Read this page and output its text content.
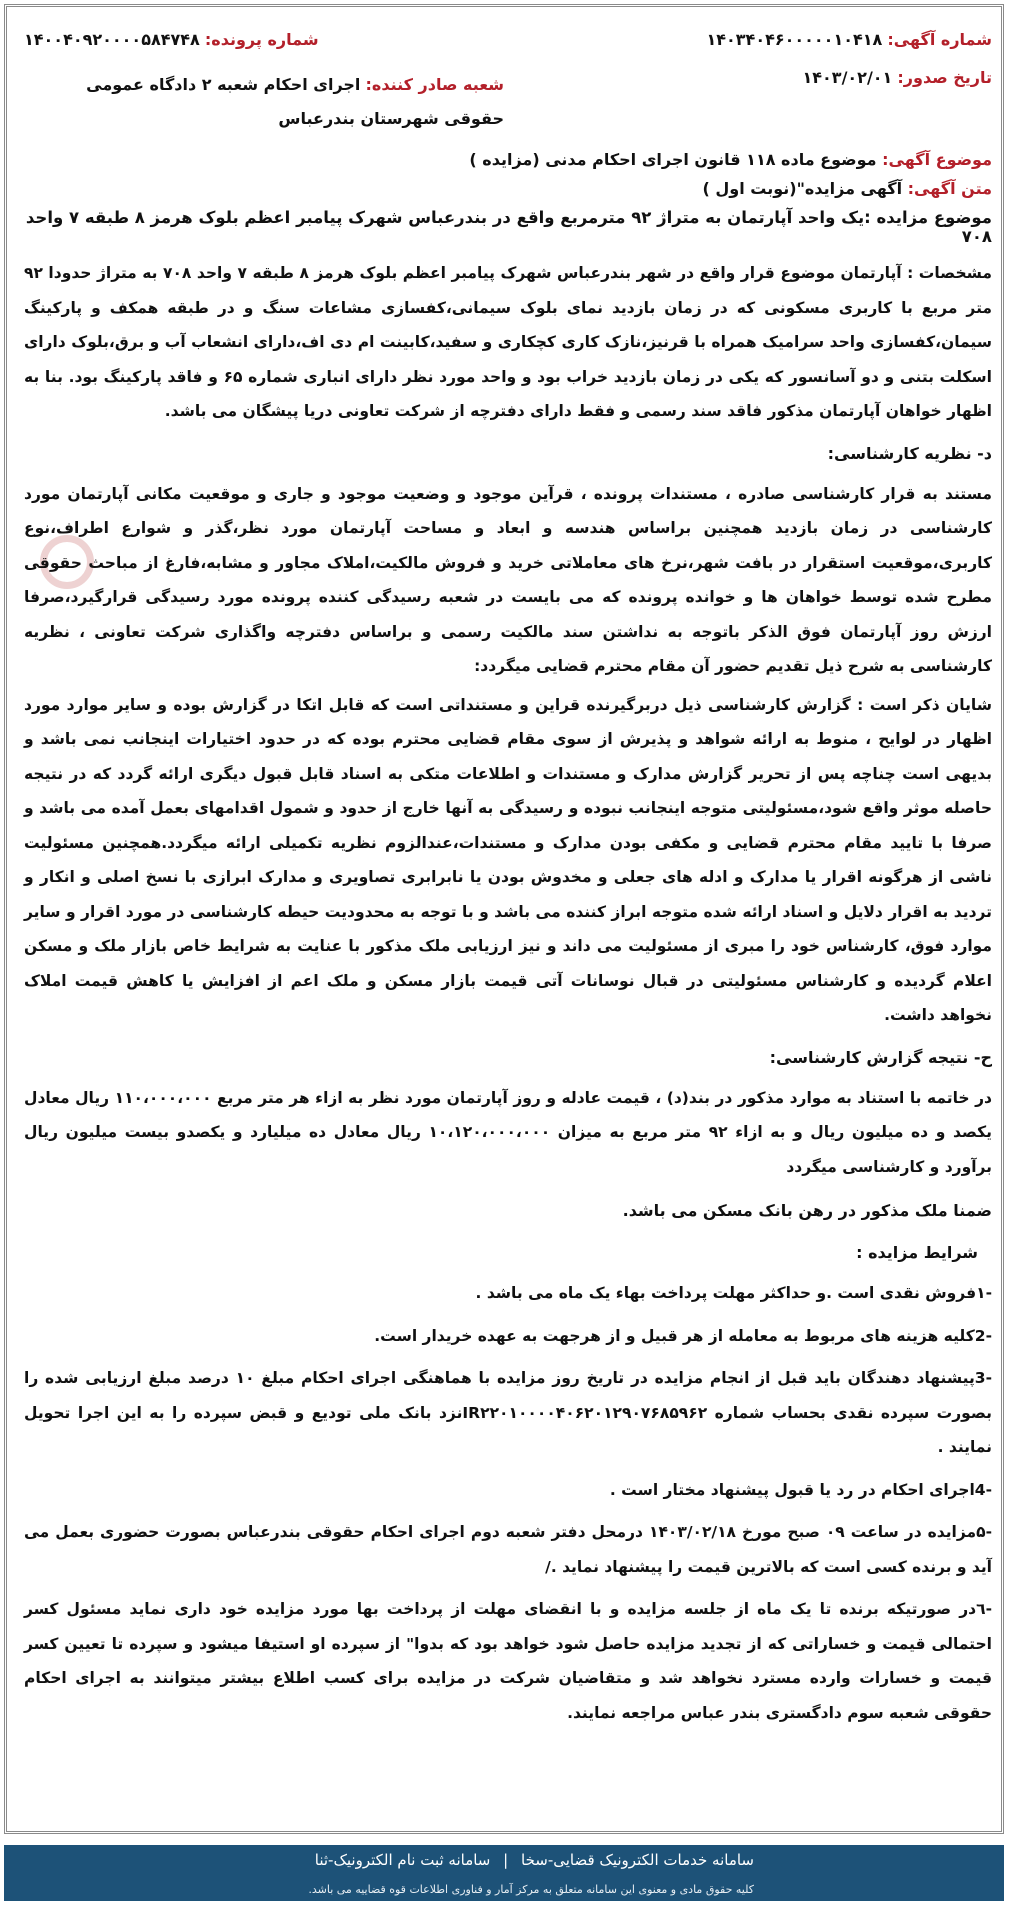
شماره آگهی: ۱۴۰۳۴۰۴۶۰۰۰۰۰۱۰۴۱۸
شماره پرونده: ۱۴۰۰۴۰۹۲۰۰۰۰۵۸۴۷۴۸
تاریخ صدور: ۱۴۰۳/۰۲/۰۱
شعبه صادر کننده: اجرای احکام شعبه ۲ دادگاه عمومی حقوقی شهرستان بندرعباس
موضوع آگهی: موضوع ماده ۱۱۸ قانون اجرای احکام مدنی (مزایده )
متن آگهی: آگهی مزایده"(نوبت اول )
موضوع مزایده :یک واحد آپارتمان به متراژ ۹۲ مترمربع واقع در بندرعباس شهرک پیامبر اعظم بلوک هرمز ۸ طبقه ۷ واحد ۷۰۸

مشخصات : آپارتمان موضوع قرار واقع در شهر بندرعباس شهرک پیامبر اعظم بلوک هرمز ۸ طبقه ۷ واحد ۷۰۸ به متراژ حدودا ۹۲ متر مربع با کاربری مسکونی که در زمان بازدید نمای بلوک سیمانی،کفسازی مشاعات سنگ و در طبقه همکف و پارکینگ سیمان،کفسازی واحد سرامیک همراه با قرنیز،نازک کاری کچکاری و سفید،کابینت ام دی اف،دارای انشعاب آب و برق،بلوک دارای اسکلت بتنی و دو آسانسور که یکی در زمان بازدید خراب بود و واحد مورد نظر دارای انباری شماره ۶۵ و فاقد پارکینگ بود. بنا به اظهار خواهان آپارتمان مذکور فاقد سند رسمی و فقط دارای دفترچه از شرکت تعاونی دریا پیشگان می باشد.

د- نظریه کارشناسی:

مستند به قرار کارشناسی صادره ، مستندات پرونده ، قرآین موجود و وضعیت موجود و جاری و موقعیت مکانی آپارتمان مورد کارشناسی در زمان بازدید همچنین براساس هندسه و ابعاد و مساحت آپارتمان مورد نظر،گذر و شوارع اطراف،نوع کاربری،موقعیت استقرار در بافت شهر،نرخ های معاملاتی خرید و فروش مالکیت،املاک مجاور و مشابه،فارغ از مباحث حقوقی مطرح شده توسط خواهان ها و خوانده پرونده که می بایست در شعبه رسیدگی کننده پرونده مورد رسیدگی قرارگیرد،صرفا ارزش روز آپارتمان فوق الذکر باتوجه به نداشتن سند مالکیت رسمی و براساس دفترچه واگذاری شرکت تعاونی ، نظریه کارشناسی به شرح ذیل تقدیم حضور آن مقام محترم قضایی میگردد:

شایان ذکر است : گزارش کارشناسی ذیل دربرگیرنده قراین و مستنداتی است که قابل اتکا در گزارش بوده و سایر موارد مورد اظهار در لوایح ، منوط به ارائه شواهد و پذیرش از سوی مقام قضایی محترم بوده که در حدود اختیارات اینجانب نمی باشد و بدیهی است چناچه پس از تحریر گزارش مدارک و مستندات و اطلاعات متکی به اسناد قابل قبول دیگری ارائه گردد که در نتیجه حاصله موثر واقع شود،مسئولیتی متوجه اینجانب نبوده و رسیدگی به آنها خارج از حدود و شمول اقدامهای بعمل آمده می باشد و صرفا با تایید مقام محترم قضایی و مکفی بودن مدارک و مستندات،عندالزوم نظریه تکمیلی ارائه میگردد.همچنین مسئولیت ناشی از هرگونه اقرار یا مدارک و ادله های جعلی و مخدوش بودن یا نابرابری تصاویری و مدارک ابرازی با نسخ اصلی و انکار و تردید به اقرار دلایل و اسناد ارائه شده متوجه ابراز کننده می باشد و با توجه به محدودیت حیطه کارشناسی در مورد اقرار و سایر موارد فوق، کارشناس خود را مبری از مسئولیت می داند و نیز ارزیابی ملک مذکور با عنایت به شرایط خاص بازار ملک و مسکن اعلام گردیده و کارشناس مسئولیتی در قبال نوسانات آتی قیمت بازار مسکن و ملک اعم از افزایش یا کاهش قیمت املاک نخواهد داشت.

ح- نتیجه گزارش کارشناسی:

در خاتمه با استناد به موارد مذکور در بند(د) ، قیمت عادله و روز آپارتمان مورد نظر به ازاء هر متر مربع ۱۱۰،۰۰۰،۰۰۰ ریال معادل یکصد و ده میلیون ریال و به ازاء ۹۲ متر مربع به میزان ۱۰،۱۲۰،۰۰۰،۰۰۰ ریال معادل ده میلیارد و یکصدو بیست میلیون ریال برآورد و کارشناسی میگردد

ضمنا ملک مذکور در رهن بانک مسکن می باشد.
شرایط مزایده :
-۱فروش نقدی است .و حداکثر مهلت پرداخت بهاء یک ماه می باشد .
-2کلیه هزینه های مربوط به معامله از هر قبیل و از هرجهت به عهده خریدار است.
-3پیشنهاد دهندگان باید قبل از انجام مزایده در تاریخ روز مزایده با هماهنگی اجرای احکام مبلغ ۱۰ درصد مبلغ ارزیابی شده را بصورت سپرده نقدی بحساب شماره IR۲۲۰۱۰۰۰۰۴۰۶۲۰۱۲۹۰۷۶۸۵۹۶۲نزد بانک ملی تودیع و قبض سپرده را به این اجرا تحویل نمایند .
-4اجرای احکام در رد یا قبول پیشنهاد مختار است .
-۵مزایده در ساعت ۰۹ صبح مورخ ۱۴۰۳/۰۲/۱۸ درمحل دفتر شعبه دوم اجرای احکام حقوقی بندرعباس بصورت حضوری بعمل می آید و برنده کسی است که بالاترین قیمت را پیشنهاد نماید ./
-٦در صورتیکه برنده تا یک ماه از جلسه مزایده و با انقضای مهلت از پرداخت بها مورد مزایده خود داری نماید مسئول کسر احتمالی قیمت و خساراتی که از تجدید مزایده حاصل شود خواهد بود که بدوا" از سپرده او استیفا میشود و سپرده تا تعیین کسر قیمت و خسارات وارده مسترد نخواهد شد و متقاضیان شرکت در مزایده برای کسب اطلاع بیشتر میتوانند به اجرای احکام حقوقی شعبه سوم دادگستری بندر عباس مراجعه نمایند.
سامانه خدمات الکترونیک قضایی-سخا | سامانه ثبت نام الکترونیک-ثنا
کلیه حقوق مادی و معنوی این سامانه متعلق به مرکز آمار و فناوری اطلاعات قوه قضاییه می باشد.
